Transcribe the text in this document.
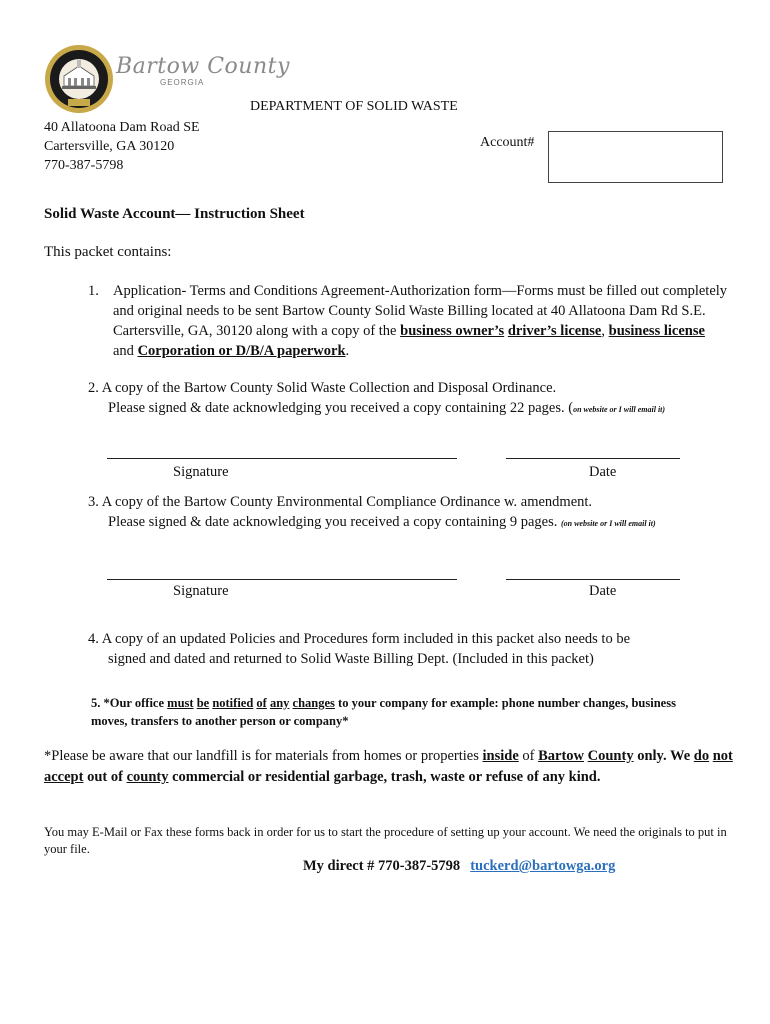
Bartow County
GEORGIA
DEPARTMENT OF SOLID WASTE
40 Allatoona Dam Road SE
Cartersville, GA 30120
770-387-5798
Account#
Solid Waste Account— Instruction Sheet
This packet contains:
1. Application- Terms and Conditions Agreement-Authorization form—Forms must be filled out completely and original needs to be sent Bartow County Solid Waste Billing located at 40 Allatoona Dam Rd S.E. Cartersville, GA, 30120 along with a copy of the business owner’s driver’s license, business license and Corporation or D/B/A paperwork.
2. A copy of the Bartow County Solid Waste Collection and Disposal Ordinance.
Please signed & date acknowledging you received a copy containing 22 pages. (on website or I will email it)
Signature	Date
3. A copy of the Bartow County Environmental Compliance Ordinance w. amendment.
Please signed & date acknowledging you received a copy containing 9 pages. (on website or I will email it)
Signature	Date
4. A copy of an updated Policies and Procedures form included in this packet also needs to be
signed and dated and returned to Solid Waste Billing Dept. (Included in this packet)
5. *Our office must be notified of any changes to your company for example: phone number changes, business moves, transfers to another person or company*
*Please be aware that our landfill is for materials from homes or properties inside of Bartow County only. We do not accept out of county commercial or residential garbage, trash, waste or refuse of any kind.
You may E-Mail or Fax these forms back in order for us to start the procedure of setting up your account. We need the originals to put in your file.
My direct # 770-387-5798 tuckerd@bartowga.org
